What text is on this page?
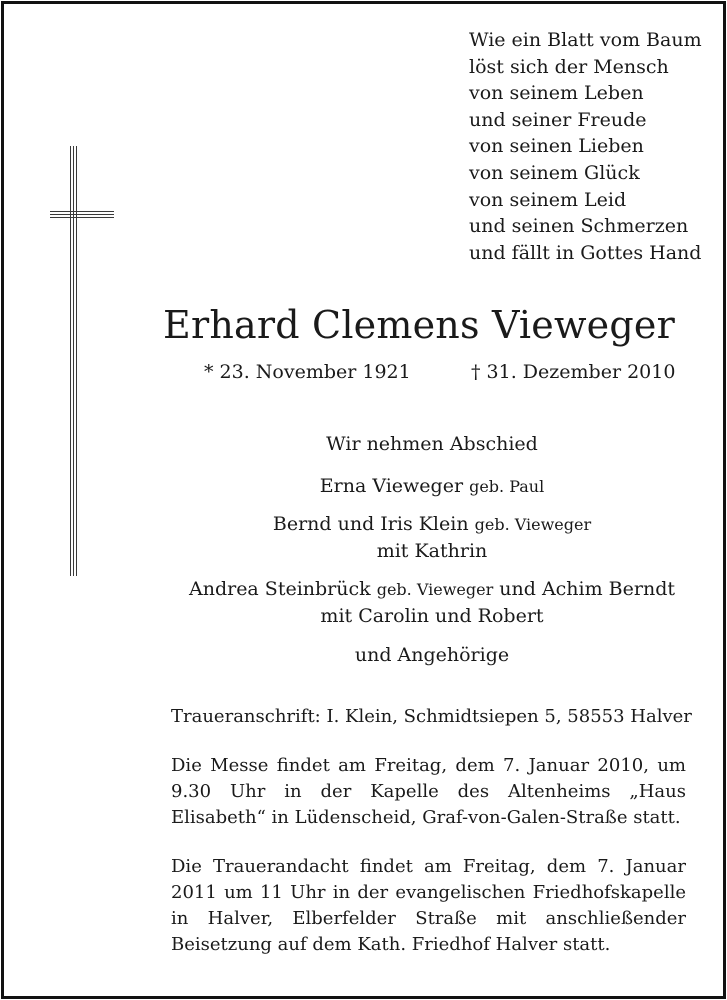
Wie ein Blatt vom Baum
löst sich der Mensch
von seinem Leben
und seiner Freude
von seinen Lieben
von seinem Glück
von seinem Leid
und seinen Schmerzen
und fällt in Gottes Hand
Erhard Clemens Vieweger
* 23. November 1921	† 31. Dezember 2010
Wir nehmen Abschied
Erna Vieweger geb. Paul
Bernd und Iris Klein geb. Vieweger
mit Kathrin
Andrea Steinbrück geb. Vieweger und Achim Berndt
mit Carolin und Robert
und Angehörige
Traueranschrift: I. Klein, Schmidtsiepen 5, 58553 Halver
Die Messe findet am Freitag, dem 7. Januar 2010, um 9.30 Uhr in der Kapelle des Altenheims „Haus Elisabeth“ in Lüdenscheid, Graf-von-Galen-Straße statt.
Die Trauerandacht findet am Freitag, dem 7. Januar 2011 um 11 Uhr in der evangelischen Friedhofskapelle in Halver, Elberfelder Straße mit anschließender Beisetzung auf dem Kath. Friedhof Halver statt.
